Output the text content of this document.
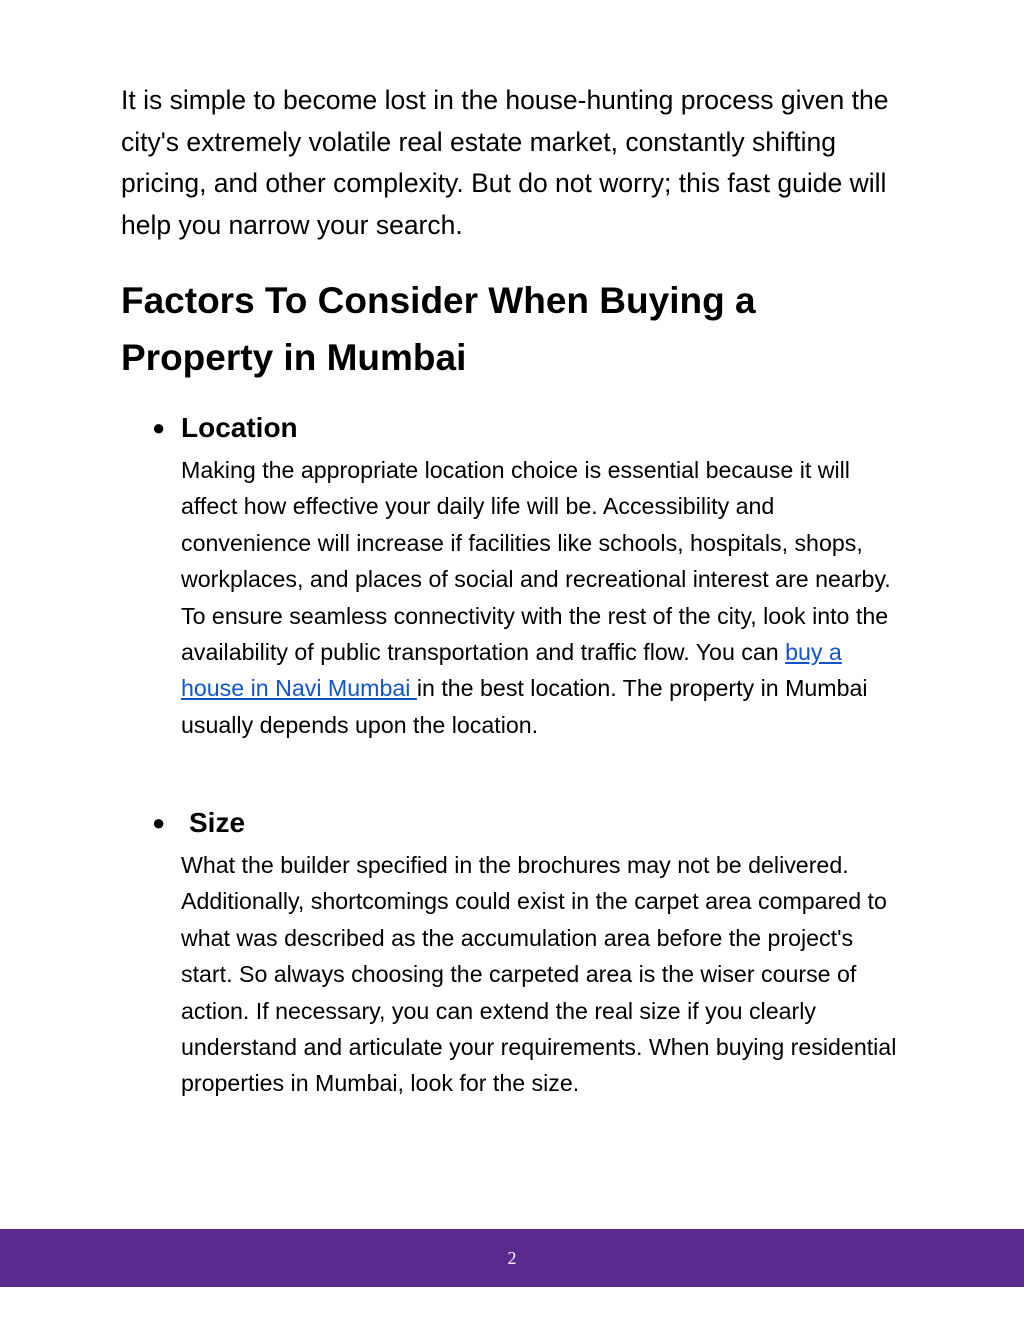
It is simple to become lost in the house-hunting process given the city's extremely volatile real estate market, constantly shifting pricing, and other complexity. But do not worry; this fast guide will help you narrow your search.

Factors To Consider When Buying a Property in Mumbai
● Location

Making the appropriate location choice is essential because it will affect how effective your daily life will be. Accessibility and convenience will increase if facilities like schools, hospitals, shops, workplaces, and places of social and recreational interest are nearby. To ensure seamless connectivity with the rest of the city, look into the availability of public transportation and traffic flow. You can buy a house in Navi Mumbai in the best location. The property in Mumbai usually depends upon the location.

● Size

What the builder specified in the brochures may not be delivered. Additionally, shortcomings could exist in the carpet area compared to what was described as the accumulation area before the project's start. So always choosing the carpeted area is the wiser course of action. If necessary, you can extend the real size if you clearly understand and articulate your requirements. When buying residential properties in Mumbai, look for the size.

2
